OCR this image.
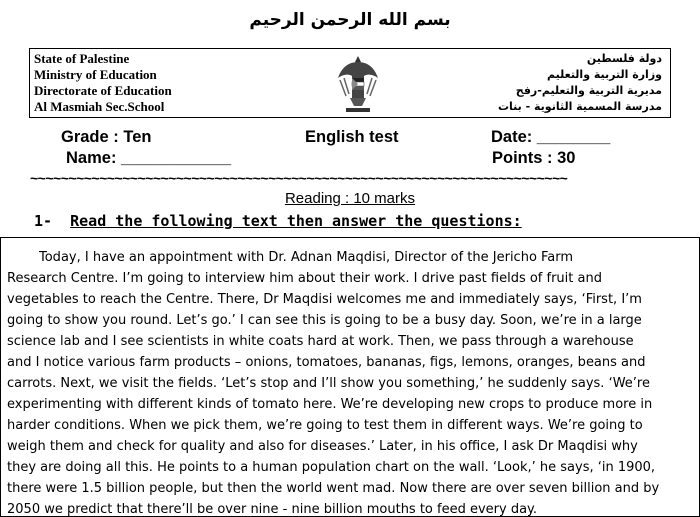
بسم الله الرحمن الرحيم
State of Palestine
Ministry of Education
Directorate of Education
Al Masmiah Sec.School
دولة فلسطين
وزارة التربية والتعليم
مديرية التربية والتعليم-رفح
مدرسة المسمية الثانوية - بنات
Grade : Ten	English test	Date: ________
Name: ____________	Points : 30
~~~~~~~~~~~~~~~~~~~~~~~~~~~~~~~~~~~~~~~~~~~~~~~~~~~~~~~~~~~~~~~~~~~~~~
Reading : 10 marks
1- Read the following text then answer the questions:
Today, I have an appointment with Dr. Adnan Maqdisi, Director of the Jericho Farm
Research Centre. I’m going to interview him about their work. I drive past fields of fruit and
vegetables to reach the Centre. There, Dr Maqdisi welcomes me and immediately says, ‘First, I’m
going to show you round. Let’s go.’ I can see this is going to be a busy day. Soon, we’re in a large
science lab and I see scientists in white coats hard at work. Then, we pass through a warehouse
and I notice various farm products – onions, tomatoes, bananas, figs, lemons, oranges, beans and
carrots. Next, we visit the fields. ‘Let’s stop and I’ll show you something,’ he suddenly says. ‘We’re
experimenting with different kinds of tomato here. We’re developing new crops to produce more in
harder conditions. When we pick them, we’re going to test them in different ways. We’re going to
weigh them and check for quality and also for diseases.’ Later, in his office, I ask Dr Maqdisi why
they are doing all this. He points to a human population chart on the wall. ‘Look,’ he says, ‘in 1900,
there were 1.5 billion people, but then the world went mad. Now there are over seven billion and by
2050 we predict that there’ll be over nine - nine billion mouths to feed every day.
